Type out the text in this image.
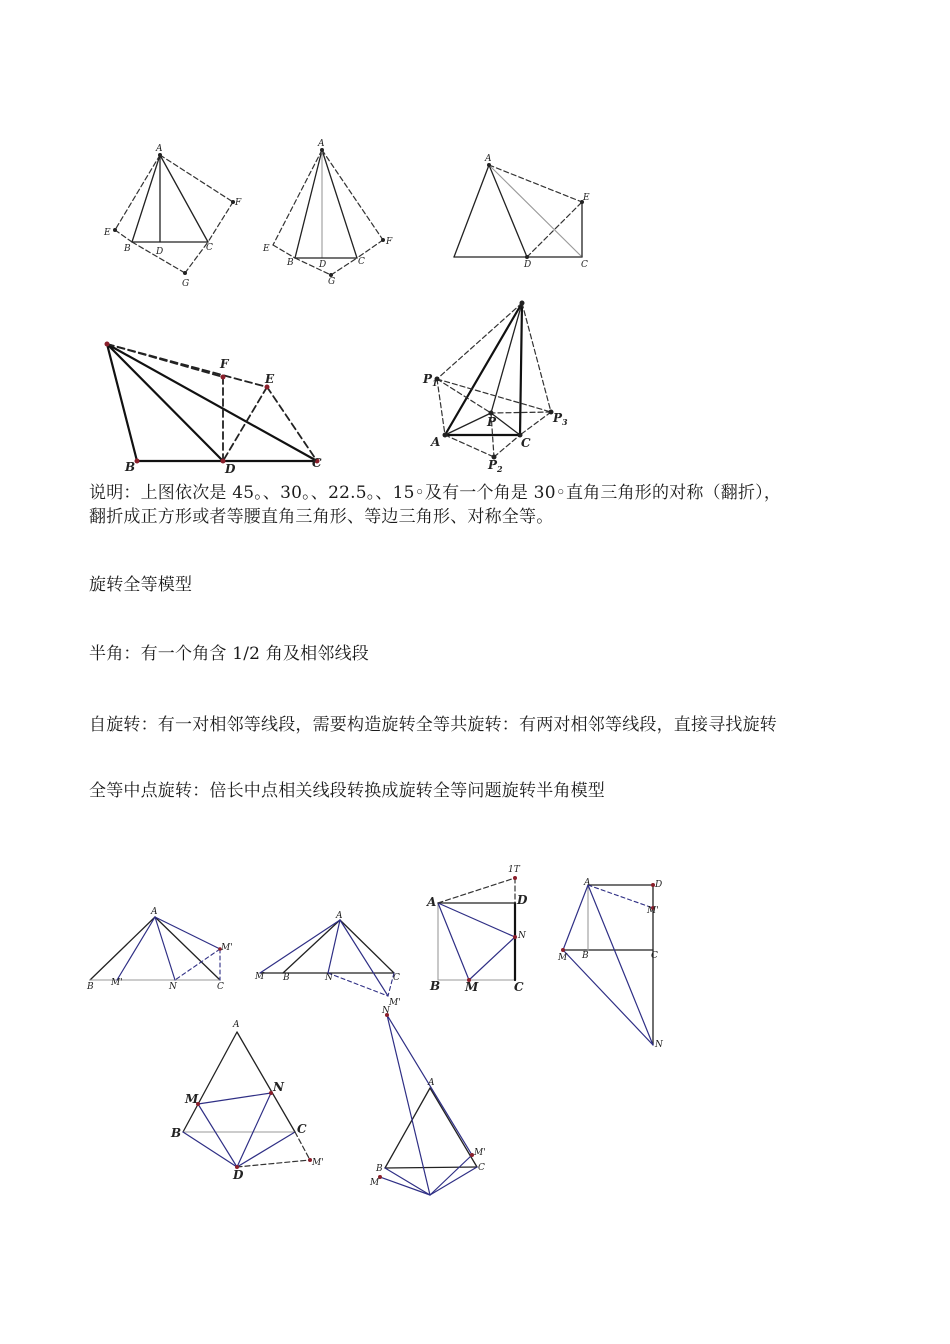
A
E
B	D	C
F
G
A
E
B	D	C
F
G
A
D	C
E
B	D	C
F
E	$P_1$
$P_3$
$P_2$
P
A	C
说明：上图依次是 45。、30。、22.5。、15◦及有一个角是 30◦直角三角形的对称（翻折），
翻折成正方形或者等腰直角三角形、等边三角形、对称全等。
旋转全等模型
半角：有一个角含 1/2 角及相邻线段
自旋转：有一对相邻等线段，需要构造旋转全等共旋转：有两对相邻等线段，直接寻找旋转
全等中点旋转：倍长中点相关线段转换成旋转全等问题旋转半角模型
A
B M'	N	C
M'
A
M B	N	C
M'
1T
A	D
N
B M	C
A	D
M'
M B	C
N
A
M
N
B	C
D
M'
N
A
B	C
M
M'
